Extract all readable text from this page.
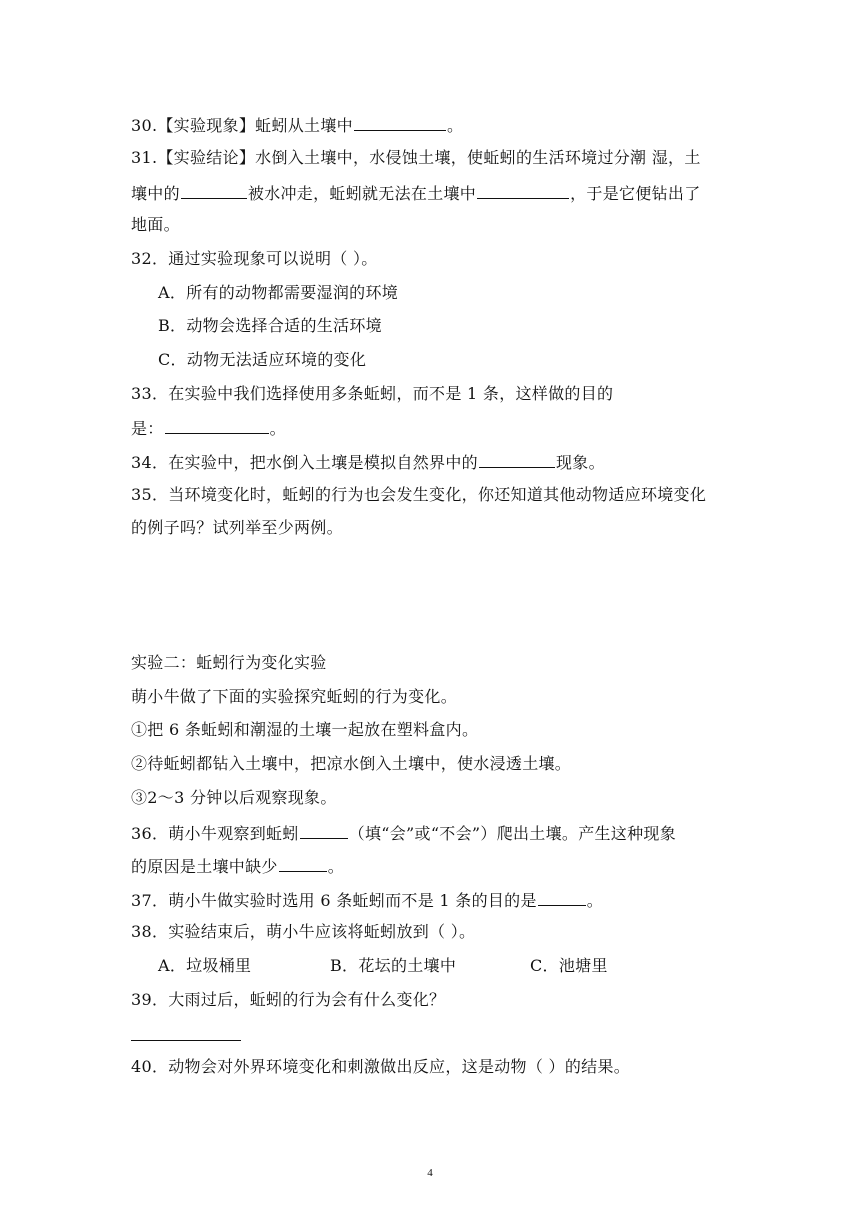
30.【实验现象】蚯蚓从土壤中	。
31.【实验结论】水倒入土壤中，水侵蚀土壤，使蚯蚓的生活环境过分潮 湿，土
壤中的	被水冲走，蚯蚓就无法在土壤中	，于是它便钻出了
地面。
32．通过实验现象可以说明（ ）。
A．所有的动物都需要湿润的环境
B．动物会选择合适的生活环境
C．动物无法适应环境的变化
33．在实验中我们选择使用多条蚯蚓，而不是 1 条，这样做的目的
是：	。
34．在实验中，把水倒入土壤是模拟自然界中的	现象。
35．当环境变化时，蚯蚓的行为也会发生变化，你还知道其他动物适应环境变化
的例子吗？试列举至少两例。
实验二：蚯蚓行为变化实验
萌小牛做了下面的实验探究蚯蚓的行为变化。
①把 6 条蚯蚓和潮湿的土壤一起放在塑料盒内。
②待蚯蚓都钻入土壤中，把凉水倒入土壤中，使水浸透土壤。
③2～3 分钟以后观察现象。
36．萌小牛观察到蚯蚓	（填“会”或“不会”）爬出土壤。产生这种现象
的原因是土壤中缺少	。
37．萌小牛做实验时选用 6 条蚯蚓而不是 1 条的目的是	。
38．实验结束后，萌小牛应该将蚯蚓放到（ ）。
A．垃圾桶里	B．花坛的土壤中	C．池塘里
39．大雨过后，蚯蚓的行为会有什么变化？
40．动物会对外界环境变化和刺激做出反应，这是动物（ ）的结果。
4
